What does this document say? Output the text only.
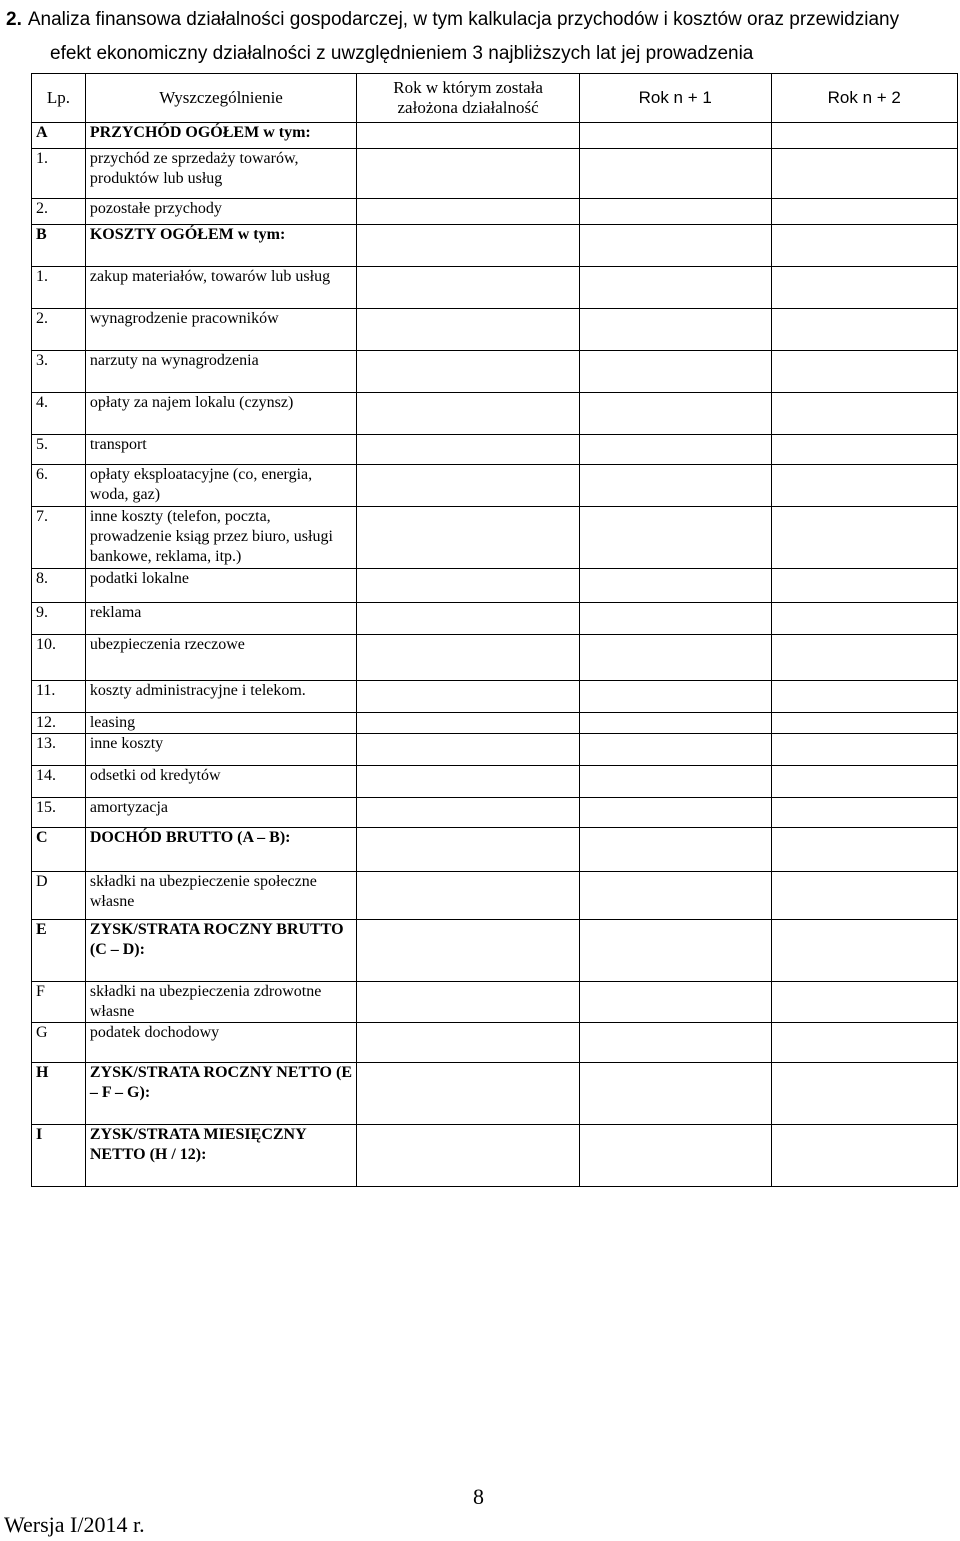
2. Analiza finansowa działalności gospodarczej, w tym kalkulacja przychodów i kosztów oraz przewidziany
efekt ekonomiczny działalności z uwzględnieniem 3 najbliższych lat jej prowadzenia
Lp.	Wyszczególnienie	Rok w którym została założona działalność	Rok n + 1	Rok n + 2
A	PRZYCHÓD OGÓŁEM w tym:			
1.	przychód ze sprzedaży towarów, produktów lub usług			
2.	pozostałe przychody			
B	KOSZTY OGÓŁEM w tym:			
1.	zakup materiałów, towarów lub usług			
2.	wynagrodzenie pracowników			
3.	narzuty na wynagrodzenia			
4.	opłaty za najem lokalu (czynsz)			
5.	transport			
6.	opłaty eksploatacyjne (co, energia, woda, gaz)			
7.	inne koszty (telefon, poczta, prowadzenie ksiąg przez biuro, usługi bankowe, reklama, itp.)			
8.	podatki lokalne			
9.	reklama			
10.	ubezpieczenia rzeczowe			
11.	koszty administracyjne i telekom.			
12.	leasing			
13.	inne koszty			
14.	odsetki od kredytów			
15.	amortyzacja			
C	DOCHÓD BRUTTO (A – B):			
D	składki na ubezpieczenie społeczne własne			
E	ZYSK/STRATA ROCZNY BRUTTO (C – D):			
F	składki na ubezpieczenia zdrowotne własne			
G	podatek dochodowy			
H	ZYSK/STRATA ROCZNY NETTO (E – F – G):			
I	ZYSK/STRATA MIESIĘCZNY NETTO (H / 12):			
8
Wersja I/2014 r.
